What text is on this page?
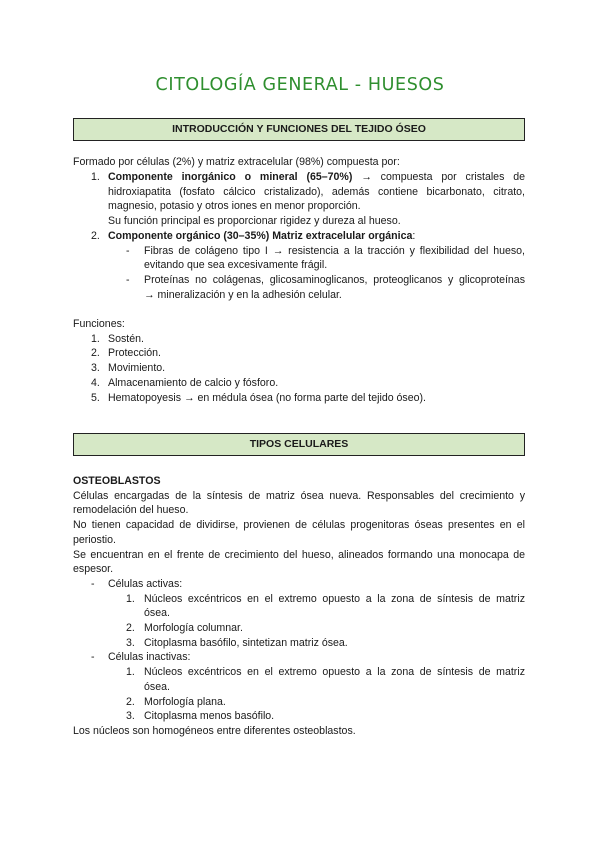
CITOLOGÍA GENERAL - HUESOS
INTRODUCCIÓN Y FUNCIONES DEL TEJIDO ÓSEO
Formado por células (2%) y matriz extracelular (98%) compuesta por:
1. Componente inorgánico o mineral (65–70%) → compuesta por cristales de
hidroxiapatita (fosfato cálcico cristalizado), además contiene bicarbonato, citrato,
magnesio, potasio y otros iones en menor proporción.
Su función principal es proporcionar rigidez y dureza al hueso.
2. Componente orgánico (30–35%) Matriz extracelular orgánica:
- Fibras de colágeno tipo I → resistencia a la tracción y flexibilidad del hueso,
evitando que sea excesivamente frágil.
- Proteínas no colágenas, glicosaminoglicanos, proteoglicanos y glicoproteínas
→ mineralización y en la adhesión celular.
Funciones:
1. Sostén.
2. Protección.
3. Movimiento.
4. Almacenamiento de calcio y fósforo.
5. Hematopoyesis → en médula ósea (no forma parte del tejido óseo).
TIPOS CELULARES
OSTEOBLASTOS
Células encargadas de la síntesis de matriz ósea nueva. Responsables del crecimiento y
remodelación del hueso.
No tienen capacidad de dividirse, provienen de células progenitoras óseas presentes en el
periostio.
Se encuentran en el frente de crecimiento del hueso, alineados formando una monocapa de
espesor.
- Células activas:
1. Núcleos excéntricos en el extremo opuesto a la zona de síntesis de matriz
ósea.
2. Morfología columnar.
3. Citoplasma basófilo, sintetizan matriz ósea.
- Células inactivas:
1. Núcleos excéntricos en el extremo opuesto a la zona de síntesis de matriz
ósea.
2. Morfología plana.
3. Citoplasma menos basófilo.
Los núcleos son homogéneos entre diferentes osteoblastos.
